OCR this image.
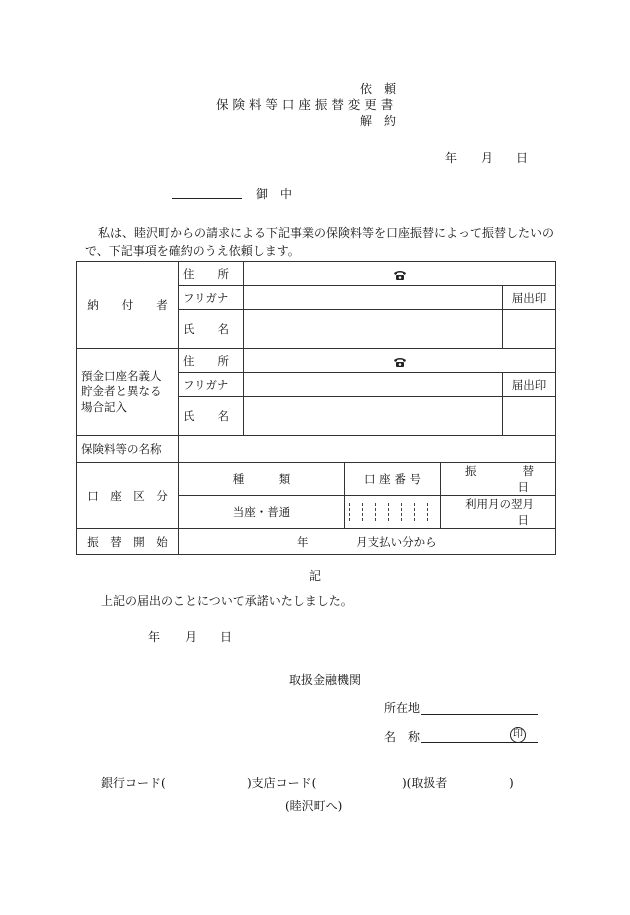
依　頼
保 険 料 等 口 座 振 替 変 更 書
解　約
年 月 日
御　中
私は、睦沢町からの請求による下記事業の保険料等を口座振替によって振替したいの
で、下記事項を確約のうえ依頼します。
納　　付　　者	住　　所	
	フリガナ				届出印
	氏　　名				

預金口座名義人
貯金者と異なる
場合記入	住　　所	
	フリガナ				届出印
	氏　　名				
保険料等の名称					
口　座　区　分	種　　　類		口 座 番 号	振　　　　替
日	

	当座・普通			利用月の翌月
日	

振　替　開　始	年 月支払い分から				
記
上記の届出のことについて承諾いたしました。
年 月 日
取扱金融機関
所在地
名　称	印
銀行コード(	)支店コード(	)(取扱者	)
(睦沢町へ)
